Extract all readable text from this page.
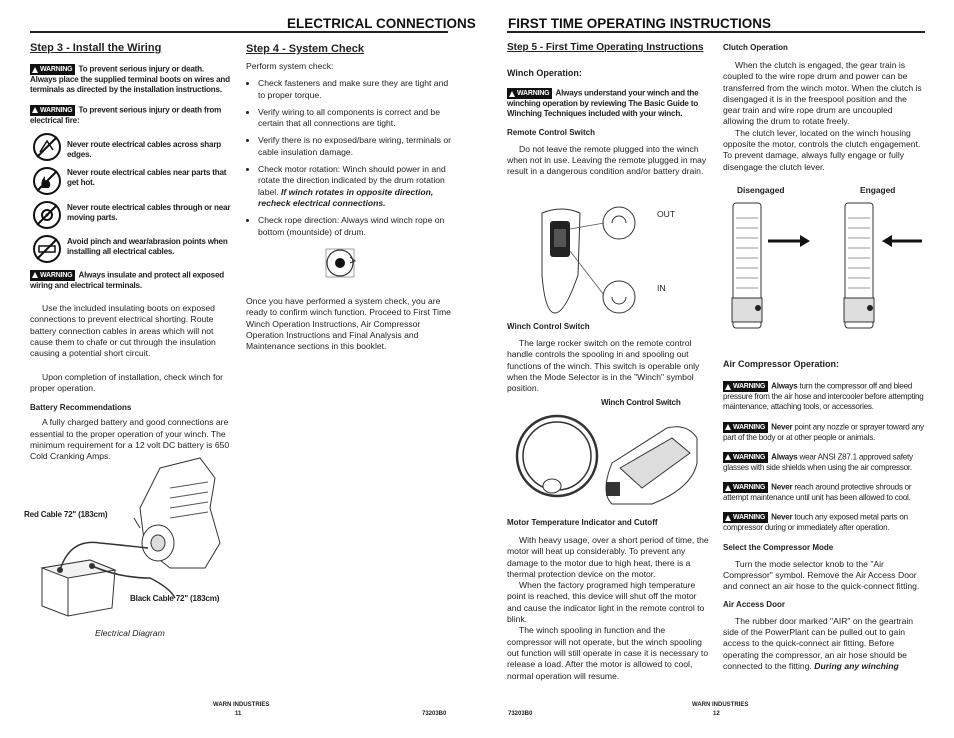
ELECTRICAL CONNECTIONS FIRST TIME OPERATING INSTRUCTIONS
Step 3 - Install the Wiring
WARNING To prevent serious injury or death. Always place the supplied terminal boots on wires and terminals as directed by the installation instructions.
WARNING To prevent serious injury or death from electrical fire:
Never route electrical cables across sharp edges.
Never route electrical cables near parts that get hot.
Never route electrical cables through or near moving parts.
Avoid pinch and wear/abrasion points when installing all electrical cables.
WARNING Always insulate and protect all exposed wiring and electrical terminals.
Use the included insulating boots on exposed connections to prevent electrical shorting. Route battery connection cables in areas which will not cause them to chafe or cut through the insulation causing a potential short circuit.
Upon completion of installation, check winch for proper operation.
Battery Recommendations
A fully charged battery and good connections are essential to the proper operation of your winch. The minimum requirement for a 12 volt DC battery is 650 Cold Cranking Amps.
Red Cable 72" (183cm)
Black Cable 72" (183cm)
Electrical Diagram
Step 4 - System Check
Perform system check:
• Check fasteners and make sure they are tight and to proper torque.
• Verify wiring to all components is correct and be certain that all connections are tight.
• Verify there is no exposed/bare wiring, terminals or cable insulation damage.
• Check motor rotation: Winch should power in and rotate the direction indicated by the drum rotation label. If winch rotates in opposite direction, recheck electrical connections.
• Check rope direction: Always wind winch rope on bottom (mountside) of drum.
Once you have performed a system check, you are ready to confirm winch function. Proceed to First Time Winch Operation Instructions, Air Compressor Operation Instructions and Final Analysis and Maintenance sections in this booklet.
Step 5 - First Time Operating Instructions
Winch Operation:
WARNING Always understand your winch and the winching operation by reviewing The Basic Guide to Winching Techniques included with your winch.
Remote Control Switch
Do not leave the remote plugged into the winch when not in use. Leaving the remote plugged in may result in a dangerous condition and/or battery drain.
OUT
IN
Winch Control Switch
The large rocker switch on the remote control handle controls the spooling in and spooling out functions of the winch. This switch is operable only when the Mode Selector is in the "Winch" symbol position.
Winch Control Switch
Motor Temperature Indicator and Cutoff
With heavy usage, over a short period of time, the motor will heat up considerably. To prevent any damage to the motor due to high heat, there is a thermal protection device on the motor.
When the factory programed high temperature point is reached, this device will shut off the motor and cause the indicator light in the remote control to blink.
The winch spooling in function and the compressor will not operate, but the winch spooling out function will still operate in case it is necessary to release a load. After the motor is allowed to cool, normal operation will resume.
Clutch Operation
When the clutch is engaged, the gear train is coupled to the wire rope drum and power can be transferred from the winch motor. When the clutch is disengaged it is in the freespool position and the gear train and wire rope drum are uncoupled allowing the drum to rotate freely.
The clutch lever, located on the winch housing opposite the motor, controls the clutch engagement. To prevent damage, always fully engage or fully disengage the clutch lever.
Disengaged	Engaged
Air Compressor Operation:
WARNING Always turn the compressor off and bleed pressure from the air hose and intercooler before attempting maintenance, attaching tools, or accessories.
WARNING Never point any nozzle or sprayer toward any part of the body or at other people or animals.
WARNING Always wear ANSI Z87.1 approved safety glasses with side shields when using the air compressor.
WARNING Never reach around protective shrouds or attempt maintenance until unit has been allowed to cool.
WARNING Never touch any exposed metal parts on compressor during or immediately after operation.
Select the Compressor Mode
Turn the mode selector knob to the "Air Compressor" symbol. Remove the Air Access Door and connect an air hose to the quick-connect fitting.
Air Access Door
The rubber door marked "AIR" on the geartrain side of the PowerPlant can be pulled out to gain access to the quick-connect air fitting. Before operating the compressor, an air hose should be connected to the fitting. During any winching
WARN INDUSTRIES
11	73203B0	73203B0
WARN INDUSTRIES
12
